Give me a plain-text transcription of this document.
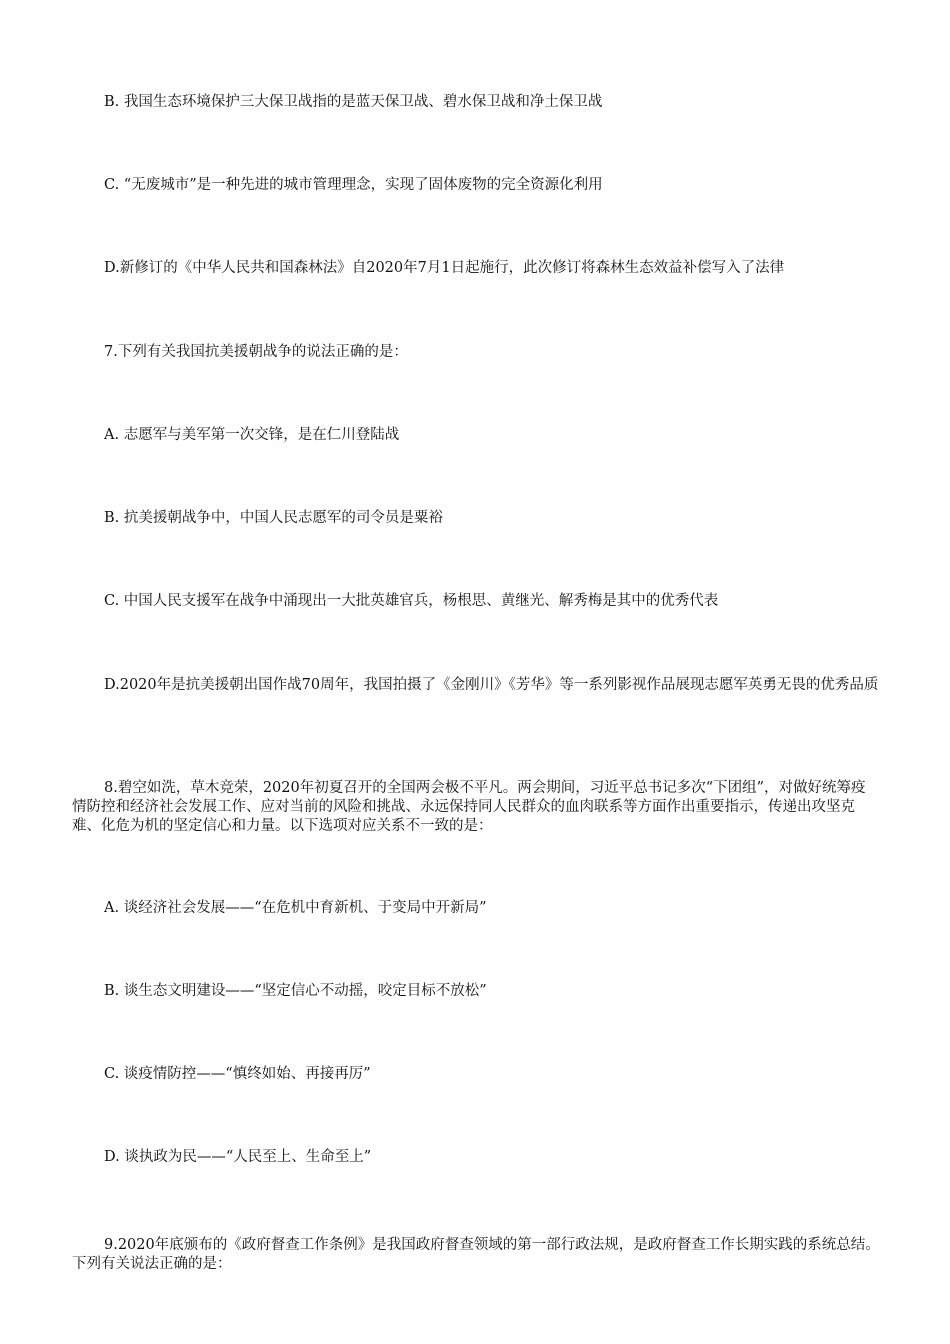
B. 我国生态环境保护三大保卫战指的是蓝天保卫战、碧水保卫战和净土保卫战

C. “无废城市”是一种先进的城市管理理念，实现了固体废物的完全资源化利用

D.新修订的《中华人民共和国森林法》自2020年7月1日起施行，此次修订将森林生态效益补偿写入了法律

7.下列有关我国抗美援朝战争的说法正确的是：

A. 志愿军与美军第一次交锋，是在仁川登陆战

B. 抗美援朝战争中，中国人民志愿军的司令员是粟裕

C. 中国人民支援军在战争中涌现出一大批英雄官兵，杨根思、黄继光、解秀梅是其中的优秀代表

D.2020年是抗美援朝出国作战70周年，我国拍摄了《金刚川》《芳华》等一系列影视作品展现志愿军英勇无畏的优秀品质

8.碧空如洗，草木竞荣，2020年初夏召开的全国两会极不平凡。两会期间，习近平总书记多次“下团组”，对做好统筹疫情防控和经济社会发展工作、应对当前的风险和挑战、永远保持同人民群众的血肉联系等方面作出重要指示，传递出攻坚克难、化危为机的坚定信心和力量。以下选项对应关系不一致的是：

A. 谈经济社会发展——“在危机中育新机、于变局中开新局”

B. 谈生态文明建设——“坚定信心不动摇，咬定目标不放松”

C. 谈疫情防控——“慎终如始、再接再厉”

D. 谈执政为民——“人民至上、生命至上”

9.2020年底颁布的《政府督查工作条例》是我国政府督查领域的第一部行政法规，是政府督查工作长期实践的系统总结。下列有关说法正确的是：
